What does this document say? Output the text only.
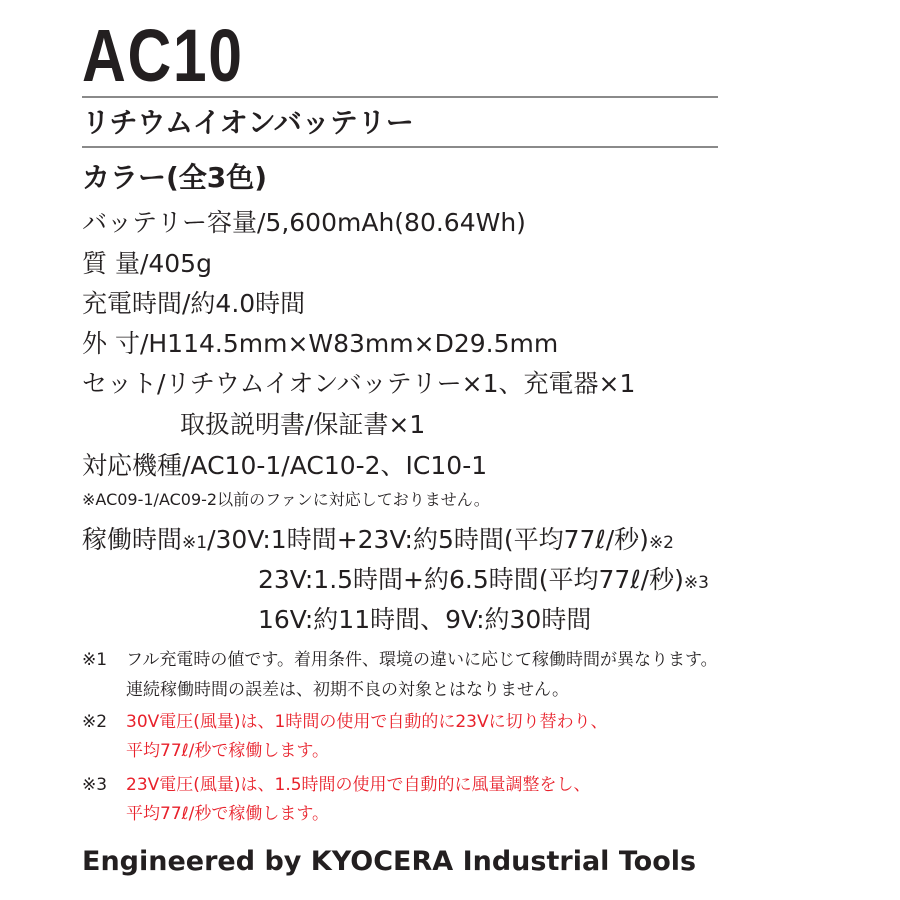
AC10
リチウムイオンバッテリー
カラー(全3色)
バッテリー容量/5,600mAh(80.64Wh)
質 量/405g
充電時間/約4.0時間
外 寸/H114.5mm×W83mm×D29.5mm
セット/リチウムイオンバッテリー×1、充電器×1
取扱説明書/保証書×1
対応機種/AC10-1/AC10-2、IC10-1
※AC09-1/AC09-2以前のファンに対応しておりません。
稼働時間※1/30V:1時間+23V:約5時間(平均77ℓ/秒)※2
23V:1.5時間+約6.5時間(平均77ℓ/秒)※3
16V:約11時間、9V:約30時間
※1 フル充電時の値です。着用条件、環境の違いに応じて稼働時間が異なります。
連続稼働時間の誤差は、初期不良の対象とはなりません。
※2 30V電圧(風量)は、1時間の使用で自動的に23Vに切り替わり、
平均77ℓ/秒で稼働します。
※3 23V電圧(風量)は、1.5時間の使用で自動的に風量調整をし、
平均77ℓ/秒で稼働します。
Engineered by KYOCERA Industrial Tools
